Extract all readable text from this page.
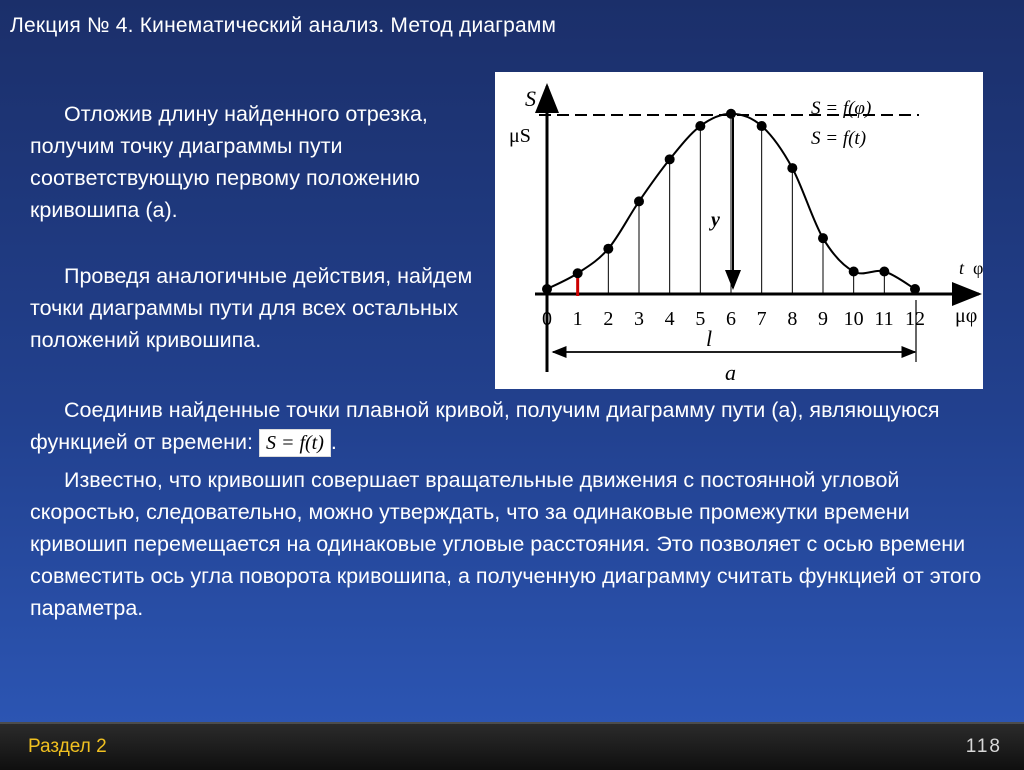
Лекция № 4. Кинематический анализ. Метод диаграмм

Отложив длину найденного отрезка, получим точку диаграммы пути соответствующую первому положению кривошипа (а).

Проведя аналогичные действия, найдем точки диаграммы пути для всех остальных положений кривошипа.

Соединив найденные точки плавной кривой, получим диаграмму пути (а), являющуюся функцией от времени: S = f(t) .

Известно, что кривошип совершает вращательные движения с постоянной угловой скоростью, следовательно, можно утверждать, что за одинаковые промежутки времени кривошип перемещается на одинаковые угловые расстояния. Это позволяет с осью времени совместить ось угла поворота кривошипа, а полученную диаграмму считать функцией от этого параметра.

0 1 2 3 4 5 6 7 8 9 10 11 12
S
μS
t φ
μφ
l
a
S = f(φ)
S = f(t)
y
Раздел 2	118
